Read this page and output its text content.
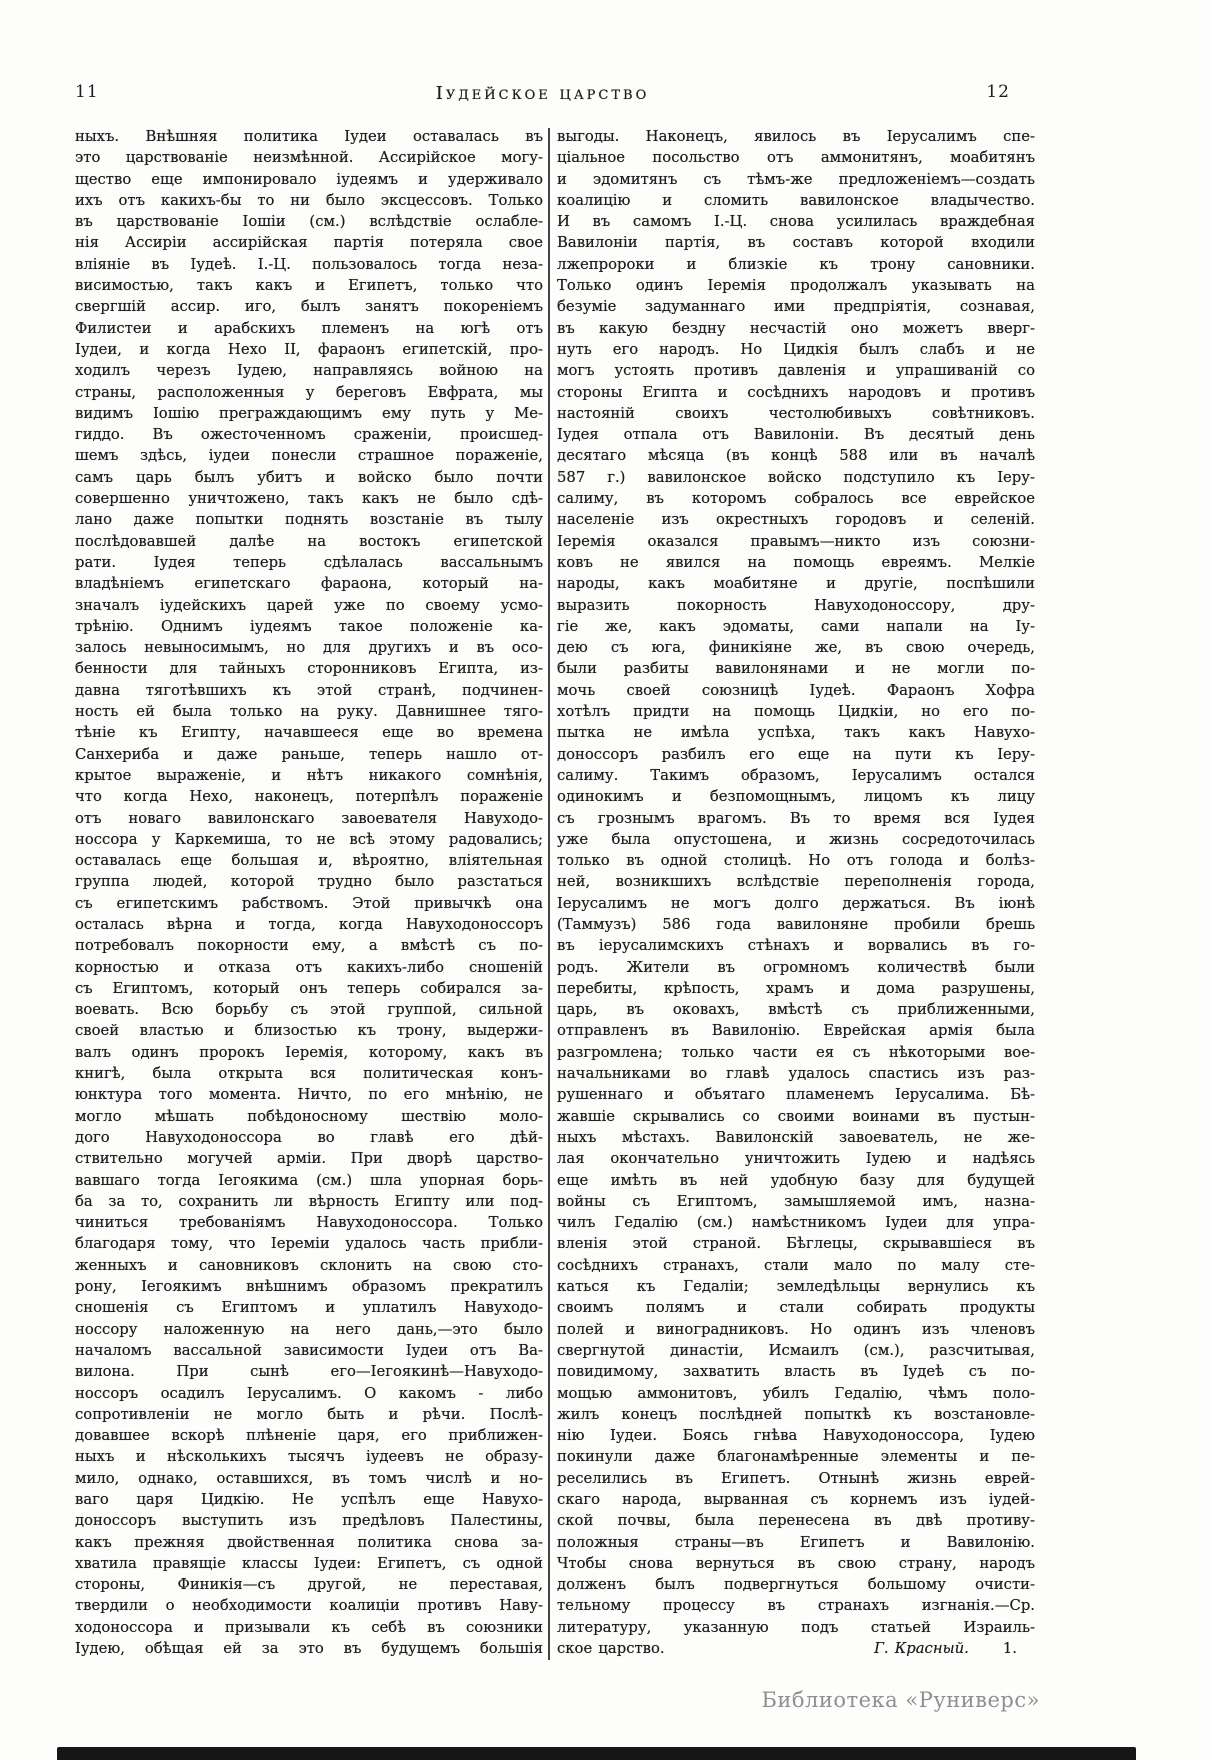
11	Іудейское царство	12
ныхъ. Внѣшняя политика Іудеи оставалась въ
это царствованіе неизмѣнной. Ассирійское могу-
щество еще импонировало іудеямъ и удерживало
ихъ отъ какихъ-бы то ни было эксцессовъ. Только
въ царствованіе Іошіи (см.) вслѣдствіе ослабле-
нія Ассиріи ассирійская партія потеряла свое
вліяніе въ Іудеѣ. І.-Ц. пользовалось тогда неза-
висимостью, такъ какъ и Египетъ, только что
свергшій ассир. иго, былъ занятъ покореніемъ
Филистеи и арабскихъ племенъ на югѣ отъ
Іудеи, и когда Нехо II, фараонъ египетскій, про-
ходилъ черезъ Іудею, направляясь войною на
страны, расположенныя у береговъ Евфрата, мы
видимъ Іошію преграждающимъ ему путь у Ме-
гиддо. Въ ожесточенномъ сраженіи, происшед-
шемъ здѣсь, іудеи понесли страшное пораженіе,
самъ царь былъ убитъ и войско было почти
совершенно уничтожено, такъ какъ не было сдѣ-
лано даже попытки поднять возстаніе въ тылу
послѣдовавшей далѣе на востокъ египетской
рати. Іудея теперь сдѣлалась вассальнымъ
владѣніемъ египетскаго фараона, который на-
значалъ іудейскихъ царей уже по своему усмо-
трѣнію. Однимъ іудеямъ такое положеніе ка-
залось невыносимымъ, но для другихъ и въ осо-
бенности для тайныхъ сторонниковъ Египта, из-
давна тяготѣвшихъ къ этой странѣ, подчинен-
ность ей была только на руку. Давнишнее тяго-
тѣніе къ Египту, начавшееся еще во времена
Санхериба и даже раньше, теперь нашло от-
крытое выраженіе, и нѣтъ никакого сомнѣнія,
что когда Нехо, наконецъ, потерпѣлъ пораженіе
отъ новаго вавилонскаго завоевателя Навуходо-
носсора у Каркемиша, то не всѣ этому радовались;
оставалась еще большая и, вѣроятно, вліятельная
группа людей, которой трудно было разстаться
съ египетскимъ рабствомъ. Этой привычкѣ она
осталась вѣрна и тогда, когда Навуходоноссоръ
потребовалъ покорности ему, а вмѣстѣ съ по-
корностью и отказа отъ какихъ-либо сношеній
съ Египтомъ, который онъ теперь собирался за-
воевать. Всю борьбу съ этой группой, сильной
своей властью и близостью къ трону, выдержи-
валъ одинъ пророкъ Іеремія, которому, какъ въ
книгѣ, была открыта вся политическая конъ-
юнктура того момента. Ничто, по его мнѣнію, не
могло мѣшать побѣдоносному шествію моло-
дого Навуходоноссора во главѣ его дѣй-
ствительно могучей арміи. При дворѣ царство-
вавшаго тогда Іегоякима (см.) шла упорная борь-
ба за то, сохранить ли вѣрность Египту или под-
чиниться требованіямъ Навуходоноссора. Только
благодаря тому, что Іереміи удалось часть прибли-
женныхъ и сановниковъ склонить на свою сто-
рону, Іегоякимъ внѣшнимъ образомъ прекратилъ
сношенія съ Египтомъ и уплатилъ Навуходо-
носсору наложенную на него дань,—это было
началомъ вассальной зависимости Іудеи отъ Ва-
вилона. При сынѣ его—Іегоякинѣ—Навуходо-
носсоръ осадилъ Іерусалимъ. О какомъ - либо
сопротивленіи не могло быть и рѣчи. Послѣ-
довавшее вскорѣ плѣненіе царя, его приближен-
ныхъ и нѣсколькихъ тысячъ іудеевъ не образу-
мило, однако, оставшихся, въ томъ числѣ и но-
ваго царя Цидкію. Не успѣлъ еще Навухо-
доноссоръ выступить изъ предѣловъ Палестины,
какъ прежняя двойственная политика снова за-
хватила правящіе классы Іудеи: Египетъ, съ одной
стороны, Финикія—съ другой, не переставая,
твердили о необходимости коалиціи противъ Наву-
ходоноссора и призывали къ себѣ въ союзники
Іудею, обѣщая ей за это въ будущемъ большія
выгоды. Наконецъ, явилось въ Іерусалимъ спе-
ціальное посольство отъ аммонитянъ, моабитянъ
и эдомитянъ съ тѣмъ-же предложеніемъ—создать
коалицію и сломить вавилонское владычество.
И въ самомъ І.-Ц. снова усилилась враждебная
Вавилоніи партія, въ составъ которой входили
лжепророки и близкіе къ трону сановники.
Только одинъ Іеремія продолжалъ указывать на
безуміе задуманнаго ими предпріятія, сознавая,
въ какую бездну несчастій оно можетъ вверг-
нуть его народъ. Но Цидкія былъ слабъ и не
могъ устоять противъ давленія и упрашиваній со
стороны Египта и сосѣднихъ народовъ и противъ
настояній своихъ честолюбивыхъ совѣтниковъ.
Іудея отпала отъ Вавилоніи. Въ десятый день
десятаго мѣсяца (въ концѣ 588 или въ началѣ
587 г.) вавилонское войско подступило къ Іеру-
салиму, въ которомъ собралось все еврейское
населеніе изъ окрестныхъ городовъ и селеній.
Іеремія оказался правымъ—никто изъ союзни-
ковъ не явился на помощь евреямъ. Мелкіе
народы, какъ моабитяне и другіе, поспѣшили
выразить покорность Навуходоноссору, дру-
гіе же, какъ эдоматы, сами напали на Іу-
дею съ юга, финикіяне же, въ свою очередь,
были разбиты вавилонянами и не могли по-
мочь своей союзницѣ Іудеѣ. Фараонъ Хофра
хотѣлъ придти на помощь Цидкіи, но его по-
пытка не имѣла успѣха, такъ какъ Навухо-
доноссоръ разбилъ его еще на пути къ Іеру-
салиму. Такимъ образомъ, Іерусалимъ остался
одинокимъ и безпомощнымъ, лицомъ къ лицу
съ грознымъ врагомъ. Въ то время вся Іудея
уже была опустошена, и жизнь сосредоточилась
только въ одной столицѣ. Но отъ голода и болѣз-
ней, возникшихъ вслѣдствіе переполненія города,
Іерусалимъ не могъ долго держаться. Въ іюнѣ
(Таммузъ) 586 года вавилоняне пробили брешь
въ іерусалимскихъ стѣнахъ и ворвались въ го-
родъ. Жители въ огромномъ количествѣ были
перебиты, крѣпость, храмъ и дома разрушены,
царь, въ оковахъ, вмѣстѣ съ приближенными,
отправленъ въ Вавилонію. Еврейская армія была
разгромлена; только части ея съ нѣкоторыми вое-
начальниками во главѣ удалось спастись изъ раз-
рушеннаго и объятаго пламенемъ Іерусалима. Бѣ-
жавшіе скрывались со своими воинами въ пустын-
ныхъ мѣстахъ. Вавилонскій завоеватель, не же-
лая окончательно уничтожить Іудею и надѣясь
еще имѣть въ ней удобную базу для будущей
войны съ Египтомъ, замышляемой имъ, назна-
чилъ Гедалію (см.) намѣстникомъ Іудеи для упра-
вленія этой страной. Бѣглецы, скрывавшіеся въ
сосѣднихъ странахъ, стали мало по малу сте-
каться къ Гедаліи; земледѣльцы вернулись къ
своимъ полямъ и стали собирать продукты
полей и виноградниковъ. Но одинъ изъ членовъ
свергнутой династіи, Исмаилъ (см.), разсчитывая,
повидимому, захватить власть въ Іудеѣ съ по-
мощью аммонитовъ, убилъ Гедалію, чѣмъ поло-
жилъ конецъ послѣдней попыткѣ къ возстановле-
нію Іудеи. Боясь гнѣва Навуходоноссора, Іудею
покинули даже благонамѣренные элементы и пе-
реселились въ Египетъ. Отнынѣ жизнь еврей-
скаго народа, вырванная съ корнемъ изъ іудей-
ской почвы, была перенесена въ двѣ противу-
положныя страны—въ Египетъ и Вавилонію.
Чтобы снова вернуться въ свою страну, народъ
долженъ былъ подвергнуться большому очисти-
тельному процессу въ странахъ изгнанія.—Ср.
литературу, указанную подъ статьей Израиль-
ское царство.	Г. Красный. 1.
Библиотека «Руниверс»
